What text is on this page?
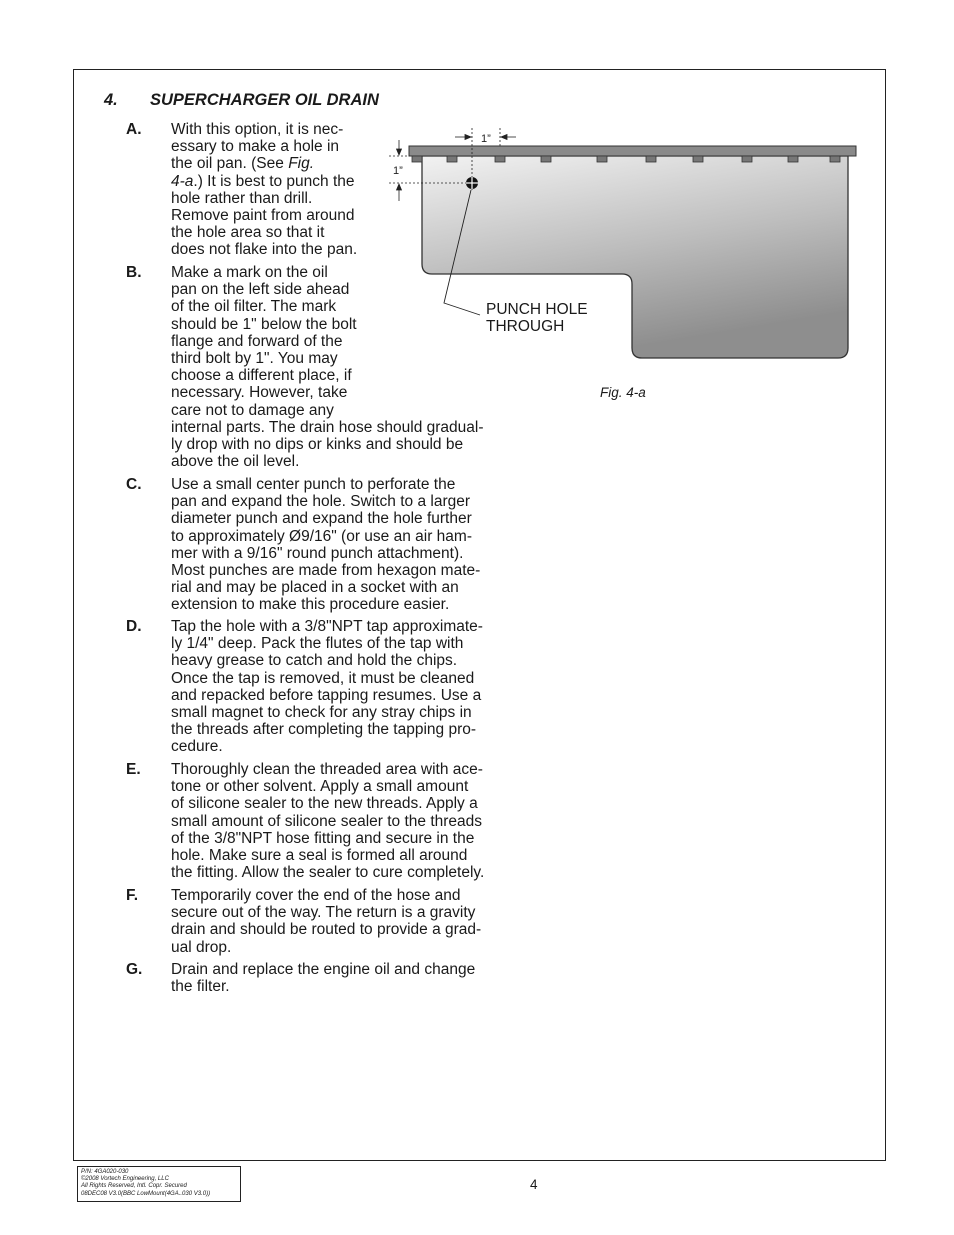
4. SUPERCHARGER OIL DRAIN
A.	With this option, it is nec-
essary to make a hole in
the oil pan. (See Fig.
4-a.) It is best to punch the
hole rather than drill.
Remove paint from around
the hole area so that it
does not flake into the pan.
B.	Make a mark on the oil
pan on the left side ahead
of the oil filter. The mark
should be 1" below the bolt
flange and forward of the
third bolt by 1". You may
choose a different place, if
necessary. However, take
care not to damage any
internal parts. The drain hose should gradual-
ly drop with no dips or kinks and should be
above the oil level.
C.	Use a small center punch to perforate the
pan and expand the hole. Switch to a larger
diameter punch and expand the hole further
to approximately Ø9/16" (or use an air ham-
mer with a 9/16" round punch attachment).
Most punches are made from hexagon mate-
rial and may be placed in a socket with an
extension to make this procedure easier.
D.	Tap the hole with a 3/8"NPT tap approximate-
ly 1/4" deep. Pack the flutes of the tap with
heavy grease to catch and hold the chips.
Once the tap is removed, it must be cleaned
and repacked before tapping resumes. Use a
small magnet to check for any stray chips in
the threads after completing the tapping pro-
cedure.
E.	Thoroughly clean the threaded area with ace-
tone or other solvent. Apply a small amount
of silicone sealer to the new threads. Apply a
small amount of silicone sealer to the threads
of the 3/8"NPT hose fitting and secure in the
hole. Make sure a seal is formed all around
the fitting. Allow the sealer to cure completely.
F.	Temporarily cover the end of the hose and
secure out of the way. The return is a gravity
drain and should be routed to provide a grad-
ual drop.
G.	Drain and replace the engine oil and change
the filter.
1”
1”
PUNCH HOLE
THROUGH
Fig. 4-a
P/N: 4GA020-030
©2008 Vortech Engineering, LLC
All Rights Reserved, Intl. Copr. Secured
08DEC08 V3.0(BBC LowMount(4GA..030 V3.0))
4
